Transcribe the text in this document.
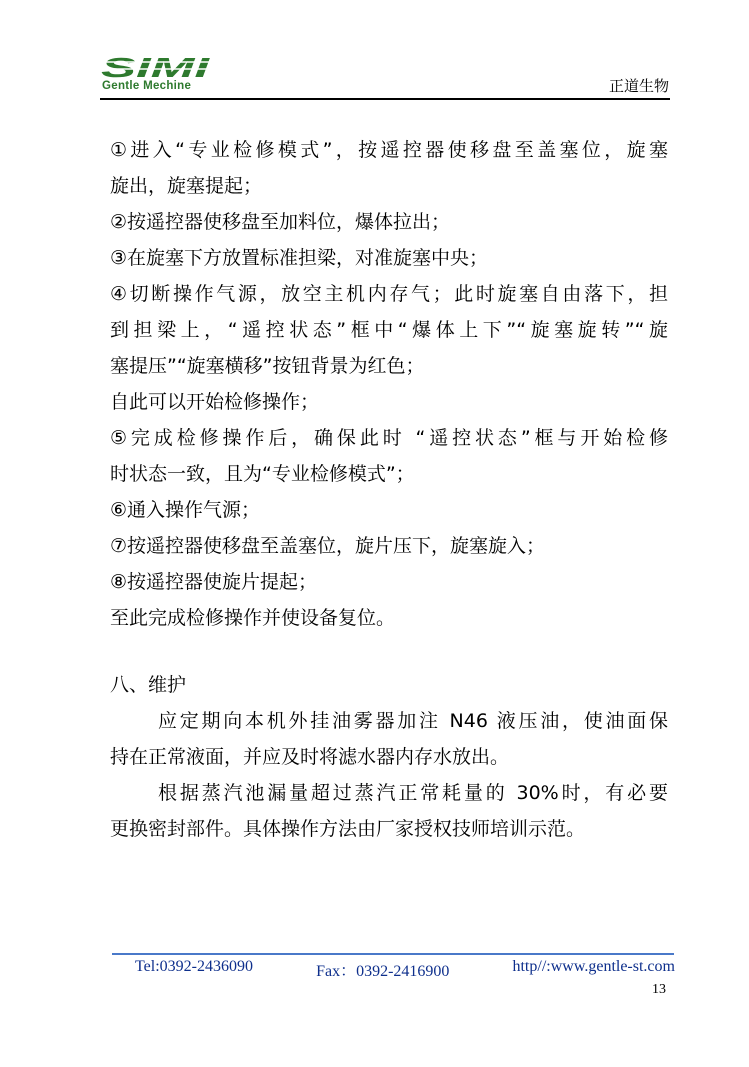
SIMI
Gentle Mechine	正道生物
①进入“专业检修模式”，按遥控器使移盘至盖塞位，旋塞
旋出，旋塞提起；
②按遥控器使移盘至加料位，爆体拉出；
③在旋塞下方放置标准担梁，对准旋塞中央；
④切断操作气源，放空主机内存气；此时旋塞自由落下，担
到担梁上，“遥控状态”框中“爆体上下”“旋塞旋转”“旋
塞提压”“旋塞横移”按钮背景为红色；
自此可以开始检修操作；
⑤完成检修操作后，确保此时 “遥控状态”框与开始检修
时状态一致，且为“专业检修模式”；
⑥通入操作气源；
⑦按遥控器使移盘至盖塞位，旋片压下，旋塞旋入；
⑧按遥控器使旋片提起；
至此完成检修操作并使设备复位。
八、维护
应定期向本机外挂油雾器加注 N46 液压油，使油面保
持在正常液面，并应及时将滤水器内存水放出。
根据蒸汽池漏量超过蒸汽正常耗量的 30%时，有必要
更换密封部件。具体操作方法由厂家授权技师培训示范。
Tel:0392-2436090	Fax：0392-2416900	http//:www.gentle-st.com
13
